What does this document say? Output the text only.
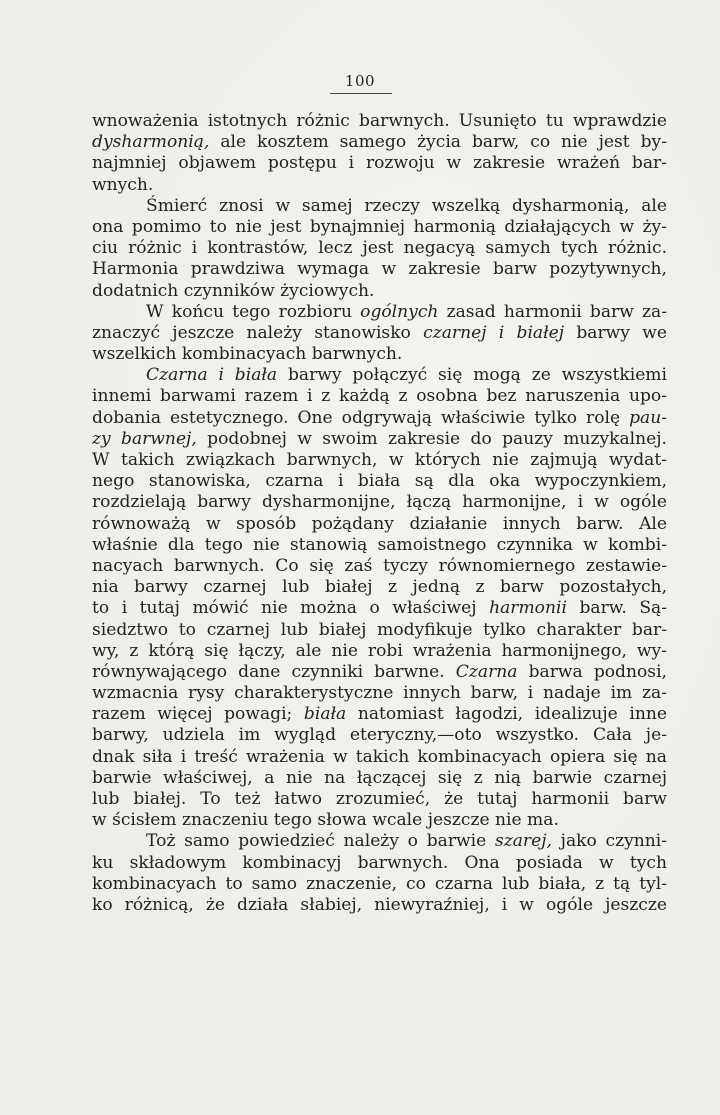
100
wnoważenia istotnych różnic barwnych. Usunięto tu wprawdzie
dysharmonią, ale kosztem samego życia barw, co nie jest by-
najmniej objawem postępu i rozwoju w zakresie wrażeń bar-
wnych.
Śmierć znosi w samej rzeczy wszelką dysharmonią, ale
ona pomimo to nie jest bynajmniej harmonią działających w ży-
ciu różnic i kontrastów, lecz jest negacyą samych tych różnic.
Harmonia prawdziwa wymaga w zakresie barw pozytywnych,
dodatnich czynników życiowych.
W końcu tego rozbioru ogólnych zasad harmonii barw za-
znaczyć jeszcze należy stanowisko czarnej i białej barwy we
wszelkich kombinacyach barwnych.
Czarna i biała barwy połączyć się mogą ze wszystkiemi
innemi barwami razem i z każdą z osobna bez naruszenia upo-
dobania estetycznego. One odgrywają właściwie tylko rolę pau-
zy barwnej, podobnej w swoim zakresie do pauzy muzykalnej.
W takich związkach barwnych, w których nie zajmują wydat-
nego stanowiska, czarna i biała są dla oka wypoczynkiem,
rozdzielają barwy dysharmonijne, łączą harmonijne, i w ogóle
równoważą w sposób pożądany działanie innych barw. Ale
właśnie dla tego nie stanowią samoistnego czynnika w kombi-
nacyach barwnych. Co się zaś tyczy równomiernego zestawie-
nia barwy czarnej lub białej z jedną z barw pozostałych,
to i tutaj mówić nie można o właściwej harmonii barw. Są-
siedztwo to czarnej lub białej modyfikuje tylko charakter bar-
wy, z którą się łączy, ale nie robi wrażenia harmonijnego, wy-
równywającego dane czynniki barwne. Czarna barwa podnosi,
wzmacnia rysy charakterystyczne innych barw, i nadaje im za-
razem więcej powagi; biała natomiast łagodzi, idealizuje inne
barwy, udziela im wygląd eteryczny,—oto wszystko. Cała je-
dnak siła i treść wrażenia w takich kombinacyach opiera się na
barwie właściwej, a nie na łączącej się z nią barwie czarnej
lub białej. To też łatwo zrozumieć, że tutaj harmonii barw
w ścisłem znaczeniu tego słowa wcale jeszcze nie ma.
Toż samo powiedzieć należy o barwie szarej, jako czynni-
ku składowym kombinacyj barwnych. Ona posiada w tych
kombinacyach to samo znaczenie, co czarna lub biała, z tą tyl-
ko różnicą, że działa słabiej, niewyraźniej, i w ogóle jeszcze
